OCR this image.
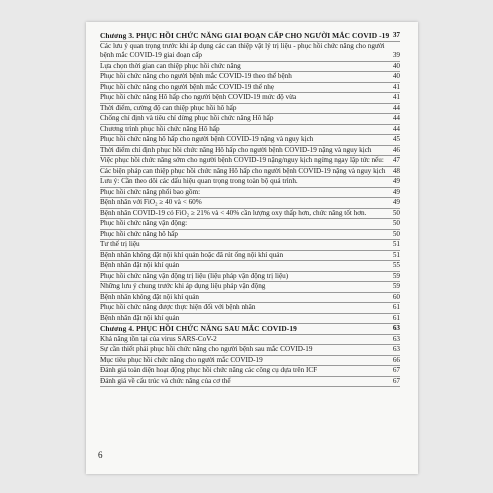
Chương 3. PHỤC HỒI CHỨC NĂNG GIAI ĐOẠN CẤP CHO NGƯỜI MẮC COVID -19 37
Các lưu ý quan trọng trước khi áp dụng các can thiệp vật lý trị liệu - phục hồi chức năng cho người bệnh mắc COVID-19 giai đoạn cấp	39
Lựa chọn thời gian can thiệp phục hồi chức năng	40
Phục hồi chức năng cho người bệnh mắc COVID-19 theo thể bệnh	40
Phục hồi chức năng cho người bệnh mắc COVID-19 thể nhẹ	41
Phục hồi chức năng Hô hấp cho người bệnh COVID-19 mức độ vừa	41
Thời điểm, cường độ can thiệp phục hồi hô hấp	44
Chống chỉ định và tiêu chí dừng phục hồi chức năng Hô hấp	44
Chương trình phục hồi chức năng Hô hấp	44
Phục hồi chức năng hô hấp cho người bệnh COVID-19 nặng và nguy kịch	45
Thời điểm chỉ định phục hồi chức năng Hô hấp cho người bệnh COVID-19 nặng và nguy kịch	46
Việc phục hồi chức năng sớm cho người bệnh COVID-19 nặng/nguy kịch ngừng ngay lập tức nếu: 47
Các biện pháp can thiệp phục hồi chức năng Hô hấp cho người bệnh COVID-19 nặng và nguy kịch 48
Lưu ý: Cần theo dõi các dấu hiệu quan trọng trong toàn bộ quá trình.	49
Phục hồi chức năng phối bao gồm:	49
Bệnh nhân với FiO₂ ≥ 40 và < 60%	49
Bệnh nhân COVID-19 có FiO₂ ≥ 21% và < 40% cần lượng oxy thấp hơn, chức năng tốt hơn.	50
Phục hồi chức năng vận động:	50
Phục hồi chức năng hô hấp	50
Tư thế trị liệu	51
Bệnh nhân không đặt nội khí quản hoặc đã rút ống nội khí quản	51
Bệnh nhân đặt nội khí quản	55
Phục hồi chức năng vận động trị liệu (liệu pháp vận động trị liệu)	59
Những lưu ý chung trước khi áp dụng liệu pháp vận động	59
Bệnh nhân không đặt nội khí quản	60
Phục hồi chức năng được thực hiện đối với bệnh nhân	61
Bệnh nhân đặt nội khí quản	61
Chương 4. PHỤC HỒI CHỨC NĂNG SAU MẮC COVID-19	63
Khả năng tồn tại của virus SARS-CoV-2	63
Sự cần thiết phải phục hồi chức năng cho người bệnh sau mắc COVID-19	63
Mục tiêu phục hồi chức năng cho người mắc COVID-19	66
Đánh giá toàn diện hoạt động phục hồi chức năng các công cụ dựa trên ICF	67
Đánh giá về cấu trúc và chức năng của cơ thể	67
6
